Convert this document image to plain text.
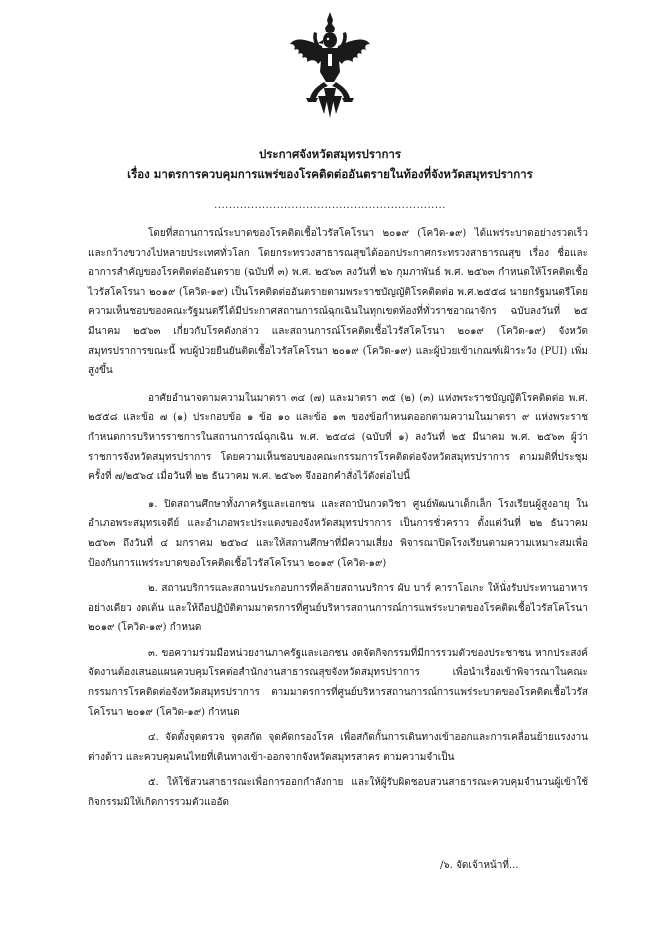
ประกาศจังหวัดสมุทรปราการ
เรื่อง มาตรการควบคุมการแพร่ของโรคติดต่ออันตรายในท้องที่จังหวัดสมุทรปราการ
...............................................................

โดยที่สถานการณ์ระบาดของโรคติดเชื้อไวรัสโคโรนา ๒๐๑๙ (โควิด-๑๙) ได้แพร่ระบาดอย่างรวดเร็วและกว้างขวางไปหลายประเทศทั่วโลก โดยกระทรวงสาธารณสุขได้ออกประกาศกระทรวงสาธารณสุข เรื่อง ชื่อและอาการสำคัญของโรคติดต่ออันตราย (ฉบับที่ ๓) พ.ศ. ๒๕๖๓ ลงวันที่ ๒๖ กุมภาพันธ์ พ.ศ. ๒๕๖๓ กำหนดให้โรคติดเชื้อไวรัสโคโรนา ๒๐๑๙ (โควิด-๑๙) เป็นโรคติดต่ออันตรายตามพระราชบัญญัติโรคติดต่อ พ.ศ.๒๕๕๘ นายกรัฐมนตรีโดยความเห็นชอบของคณะรัฐมนตรีได้มีประกาศสถานการณ์ฉุกเฉินในทุกเขตท้องที่ทั่วราชอาณาจักร ฉบับลงวันที่ ๒๕ มีนาคม ๒๕๖๓ เกี่ยวกับโรคดังกล่าว และสถานการณ์โรคติดเชื้อไวรัสโคโรนา ๒๐๑๙ (โควิด-๑๙) จังหวัดสมุทรปราการขณะนี้ พบผู้ป่วยยืนยันติดเชื้อไวรัสโคโรนา ๒๐๑๙ (โควิด-๑๙) และผู้ป่วยเข้าเกณฑ์เฝ้าระวัง (PUI) เพิ่มสูงขึ้น

อาศัยอำนาจตามความในมาตรา ๓๔ (๗) และมาตรา ๓๕ (๒) (๓) แห่งพระราชบัญญัติโรคติดต่อ พ.ศ. ๒๕๕๘ และข้อ ๗ (๑) ประกอบข้อ ๑ ข้อ ๑๐ และข้อ ๑๓ ของข้อกำหนดออกตามความในมาตรา ๙ แห่งพระราชกำหนดการบริหารราชการในสถานการณ์ฉุกเฉิน พ.ศ. ๒๕๔๘ (ฉบับที่ ๑) ลงวันที่ ๒๕ มีนาคม พ.ศ. ๒๕๖๓ ผู้ว่าราชการจังหวัดสมุทรปราการ โดยความเห็นชอบของคณะกรรมการโรคติดต่อจังหวัดสมุทรปราการ ตามมติที่ประชุมครั้งที่ ๗/๒๕๖๔ เมื่อวันที่ ๒๒ ธันวาคม พ.ศ. ๒๕๖๓ จึงออกคำสั่งไว้ดังต่อไปนี้

๑. ปิดสถานศึกษาทั้งภาครัฐและเอกชน และสถาบันกวดวิชา ศูนย์พัฒนาเด็กเล็ก โรงเรียนผู้สูงอายุ ในอำเภอพระสมุทรเจดีย์ และอำเภอพระประแดงของจังหวัดสมุทรปราการ เป็นการชั่วคราว ตั้งแต่วันที่ ๒๒ ธันวาคม ๒๕๖๓ ถึงวันที่ ๔ มกราคม ๒๕๖๔ และให้สถานศึกษาที่มีความเสี่ยง พิจารณาปิดโรงเรียนตามความเหมาะสมเพื่อป้องกันการแพร่ระบาดของโรคติดเชื้อไวรัสโคโรนา ๒๐๑๙ (โควิด-๑๙)

๒. สถานบริการและสถานประกอบการที่คล้ายสถานบริการ ผับ บาร์ คาราโอเกะ ให้นั่งรับประทานอาหารอย่างเดียว งดเต้น และให้ถือปฏิบัติตามมาตรการที่ศูนย์บริหารสถานการณ์การแพร่ระบาดของโรคติดเชื้อไวรัสโคโรนา ๒๐๑๙ (โควิด-๑๙) กำหนด

๓. ขอความร่วมมือหน่วยงานภาครัฐและเอกชน งดจัดกิจกรรมที่มีการรวมตัวของประชาชน หากประสงค์จัดงานต้องเสนอแผนควบคุมโรคต่อสำนักงานสาธารณสุขจังหวัดสมุทรปราการ เพื่อนำเรื่องเข้าพิจารณาในคณะกรรมการโรคติดต่อจังหวัดสมุทรปราการ ตามมาตรการที่ศูนย์บริหารสถานการณ์การแพร่ระบาดของโรคติดเชื้อไวรัสโคโรนา ๒๐๑๙ (โควิด-๑๙) กำหนด

๔. จัดตั้งจุดตรวจ จุดสกัด จุดคัดกรองโรค เพื่อสกัดกั้นการเดินทางเข้าออกและการเคลื่อนย้ายแรงงานต่างด้าว และควบคุมคนไทยที่เดินทางเข้า-ออกจากจังหวัดสมุทรสาคร ตามความจำเป็น

๕. ให้ใช้สวนสาธารณะเพื่อการออกกำลังกาย และให้ผู้รับผิดชอบสวนสาธารณะควบคุมจำนวนผู้เข้าใช้กิจกรรมมิให้เกิดการรวมตัวแออัด

/๖. จัดเจ้าหน้าที่...
